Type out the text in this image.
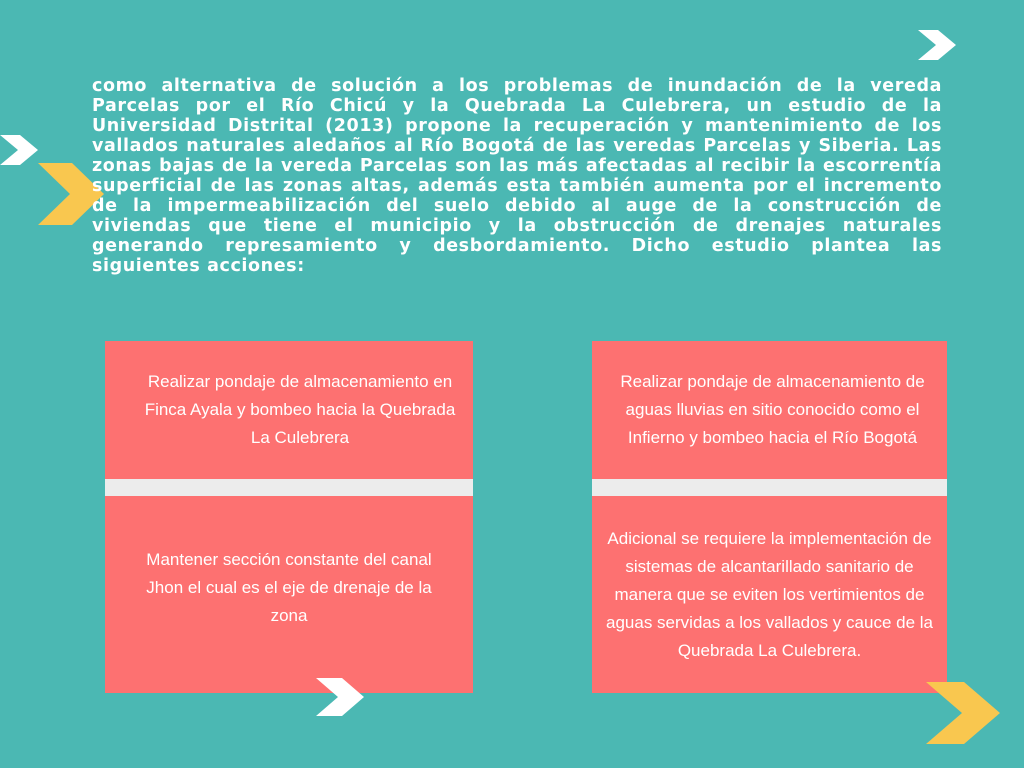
como alternativa de solución a los problemas de inundación de la vereda Parcelas por el Río Chicú y la Quebrada La Culebrera, un estudio de la Universidad Distrital (2013) propone la recuperación y mantenimiento de los vallados naturales aledaños al Río Bogotá de las veredas Parcelas y Siberia. Las zonas bajas de la vereda Parcelas son las más afectadas al recibir la escorrentía superficial de las zonas altas, además esta también aumenta por el incremento de la impermeabilización del suelo debido al auge de la construcción de viviendas que tiene el municipio y la obstrucción de drenajes naturales generando represamiento y desbordamiento. Dicho estudio plantea las siguientes acciones:

Realizar pondaje de almacenamiento en Finca Ayala y bombeo hacia la Quebrada La Culebrera

Mantener sección constante del canal Jhon el cual es el eje de drenaje de la zona

Realizar pondaje de almacenamiento de aguas lluvias en sitio conocido como el Infierno y bombeo hacia el Río Bogotá

Adicional se requiere la implementación de sistemas de alcantarillado sanitario de manera que se eviten los vertimientos de aguas servidas a los vallados y cauce de la Quebrada La Culebrera.
